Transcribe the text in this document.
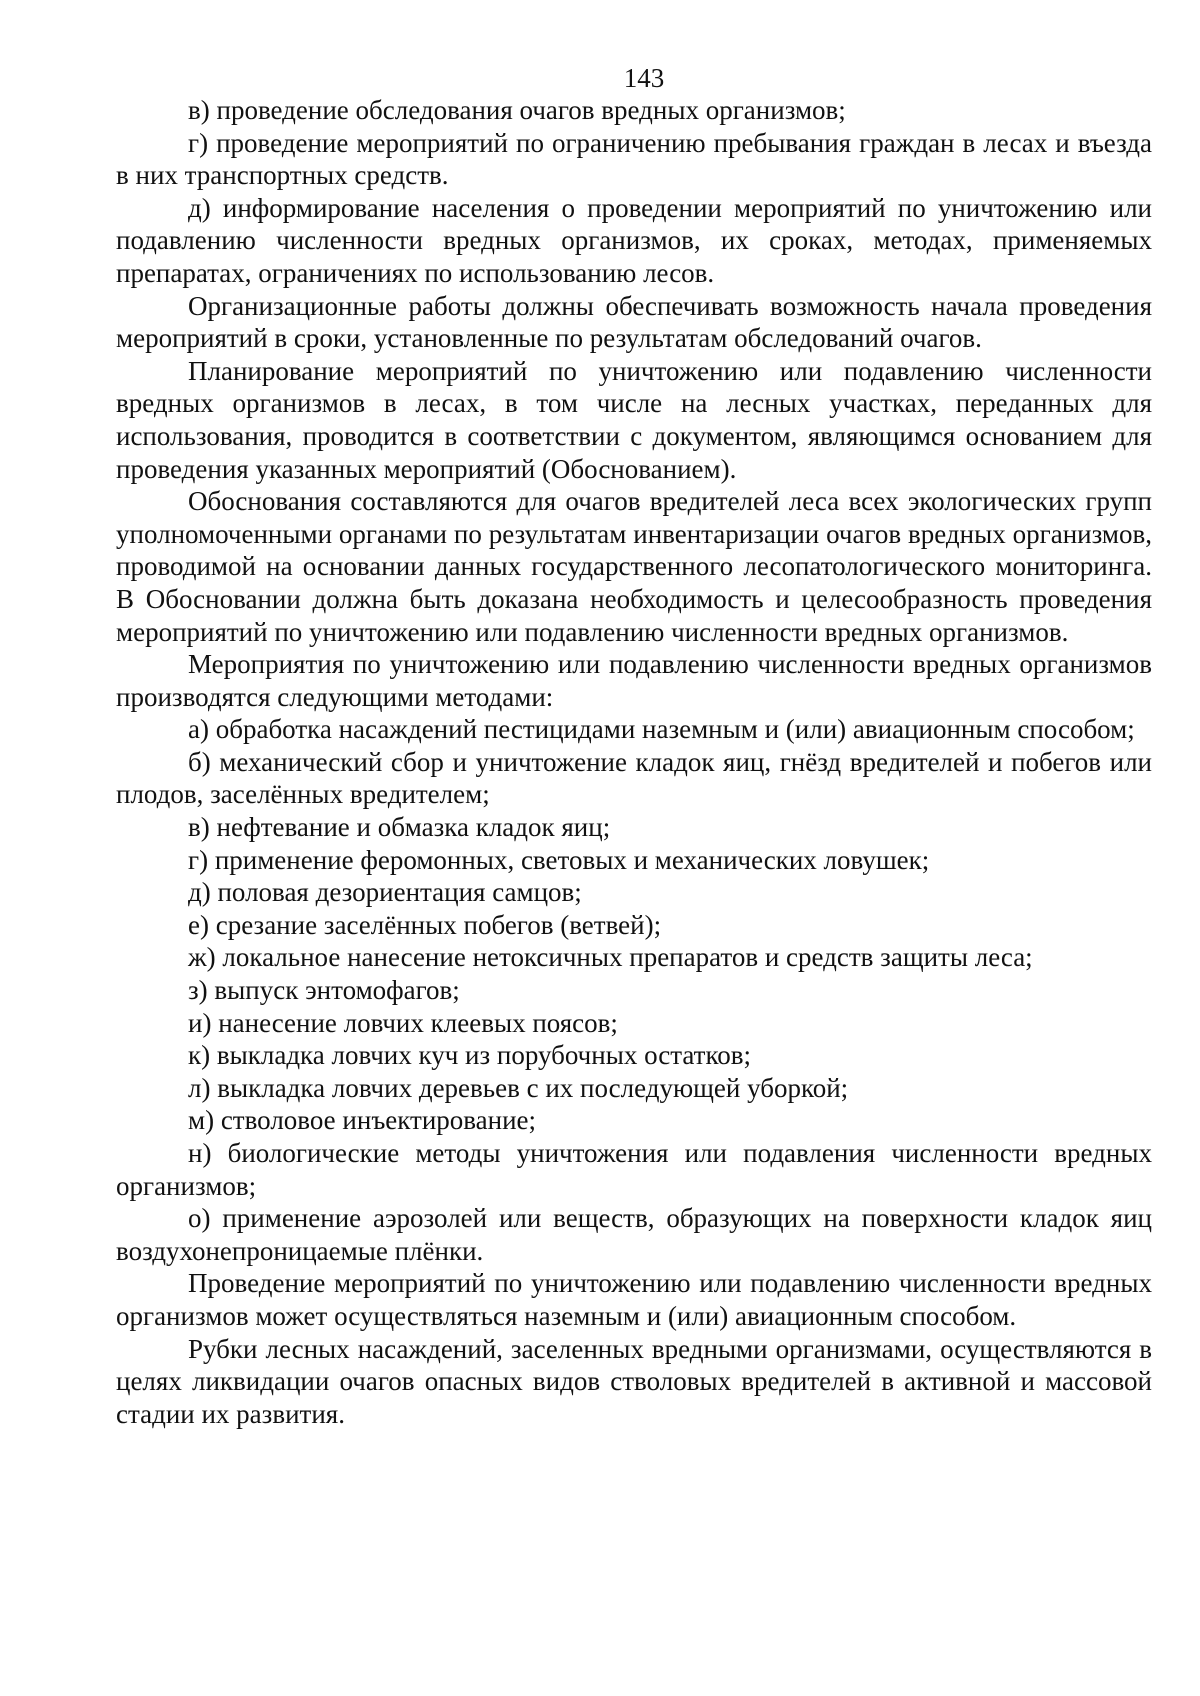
143

в) проведение обследования очагов вредных организмов;

г) проведение мероприятий по ограничению пребывания граждан в лесах и въезда в них транспортных средств.

д) информирование населения о проведении мероприятий по уничтожению или подавлению численности вредных организмов, их сроках, методах, применяемых препаратах, ограничениях по использованию лесов.

Организационные работы должны обеспечивать возможность начала проведения мероприятий в сроки, установленные по результатам обследований очагов.

Планирование мероприятий по уничтожению или подавлению численности вредных организмов в лесах, в том числе на лесных участках, переданных для использования, проводится в соответствии с документом, являющимся основанием для проведения указанных мероприятий (Обоснованием).

Обоснования составляются для очагов вредителей леса всех экологических групп уполномоченными органами по результатам инвентаризации очагов вредных организмов, проводимой на основании данных государственного лесопатологического мониторинга. В Обосновании должна быть доказана необходимость и целесообразность проведения мероприятий по уничтожению или подавлению численности вредных организмов.

Мероприятия по уничтожению или подавлению численности вредных организмов производятся следующими методами:

а) обработка насаждений пестицидами наземным и (или) авиационным способом;

б) механический сбор и уничтожение кладок яиц, гнёзд вредителей и побегов или плодов, заселённых вредителем;

в) нефтевание и обмазка кладок яиц;

г) применение феромонных, световых и механических ловушек;

д) половая дезориентация самцов;

е) срезание заселённых побегов (ветвей);

ж) локальное нанесение нетоксичных препаратов и средств защиты леса;

з) выпуск энтомофагов;

и) нанесение ловчих клеевых поясов;

к) выкладка ловчих куч из порубочных остатков;

л) выкладка ловчих деревьев с их последующей уборкой;

м) стволовое инъектирование;

н) биологические методы уничтожения или подавления численности вредных организмов;

о) применение аэрозолей или веществ, образующих на поверхности кладок яиц воздухонепроницаемые плёнки.

Проведение мероприятий по уничтожению или подавлению численности вредных организмов может осуществляться наземным и (или) авиационным способом.

Рубки лесных насаждений, заселенных вредными организмами, осуществляются в целях ликвидации очагов опасных видов стволовых вредителей в активной и массовой стадии их развития.
